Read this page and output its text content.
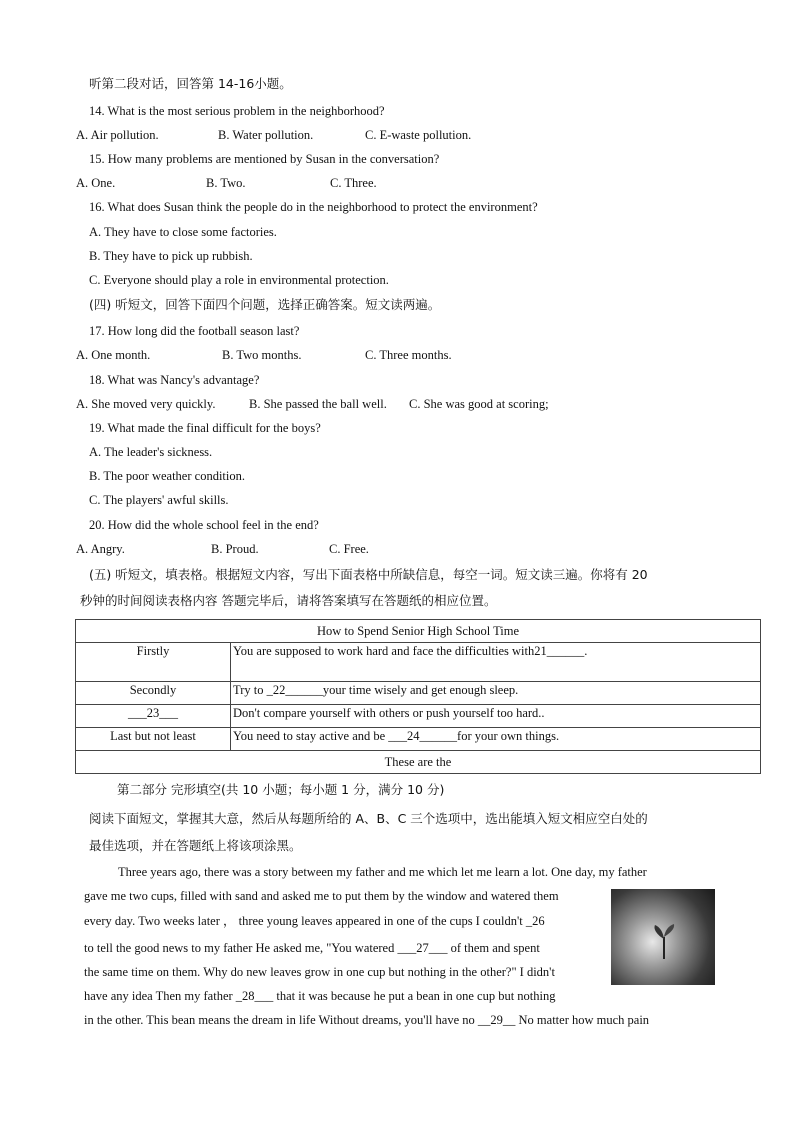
听第二段对话，回答第 14-16小题。
14. What is the most serious problem in the neighborhood?
A. Air pollution.	B. Water pollution.	C. E-waste pollution.
15. How many problems are mentioned by Susan in the conversation?
A. One.	B. Two.	C. Three.
16. What does Susan think the people do in the neighborhood to protect the environment?
A. They have to close some factories.
B. They have to pick up rubbish.
C. Everyone should play a role in environmental protection.
(四) 听短文，回答下面四个问题，选择正确答案。短文读两遍。
17. How long did the football season last?
A. One month.	B. Two months.	C. Three months.
18. What was Nancy's advantage?
A. She moved very quickly.	B. She passed the ball well. C. She was good at scoring;
19. What made the final difficult for the boys?
A. The leader's sickness.
B. The poor weather condition.
C. The players' awful skills.
20. How did the whole school feel in the end?
A. Angry.	B. Proud.	C. Free.
(五) 听短文，填表格。根据短文内容，写出下面表格中所缺信息，每空一词。短文读三遍。你将有 20
秒钟的时间阅读表格内容 答题完毕后，请将答案填写在答题纸的相应位置。
How to Spend Senior High School Time	
Firstly	You are supposed to work hard and face the difficulties with21______.
Secondly	Try to _22______your time wisely and get enough sleep.
___23___	Don't compare yourself with others or push yourself too hard..
Last but not least	You need to stay active and be ___24______for your own things.
These are the	
第二部分 完形填空(共 10 小题；每小题 1 分，满分 10 分)
阅读下面短文，掌握其大意，然后从每题所给的 A、B、C 三个选项中，选出能填入短文相应空白处的
最佳选项，并在答题纸上将该项涂黑。
Three years ago, there was a story between my father and me which let me learn a lot. One day, my father
gave me two cups, filled with sand and asked me to put them by the window and watered them
every day. Two weeks later ， three young leaves appeared in one of the cups I couldn't _26
to tell the good news to my father He asked me, "You watered ___27___ of them and spent
the same time on them. Why do new leaves grow in one cup but nothing in the other?" I didn't
have any idea Then my father _28___ that it was because he put a bean in one cup but nothing
in the other. This bean means the dream in life Without dreams, you'll have no __29__ No matter how much pain
